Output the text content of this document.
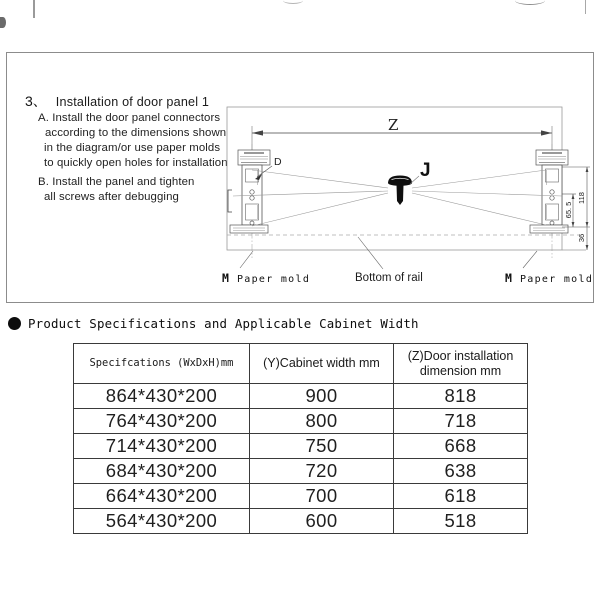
3、 Installation of door panel 1
A. Install the door panel connectors
according to the dimensions shown
in the diagram/or use paper molds
to quickly open holes for installation
B. Install the panel and tighten
all screws after debugging
Z
65. 5
118
36
D	J
M Paper mold	Bottom of rail	M Paper mold
Product Specifications and Applicable Cabinet Width
Specifcations (WxDxH)mm	(Y)Cabinet width mm	(Z)Door installation dimension mm
864*430*200	900	818
764*430*200	800	718
714*430*200	750	668
684*430*200	720	638
664*430*200	700	618
564*430*200	600	518
